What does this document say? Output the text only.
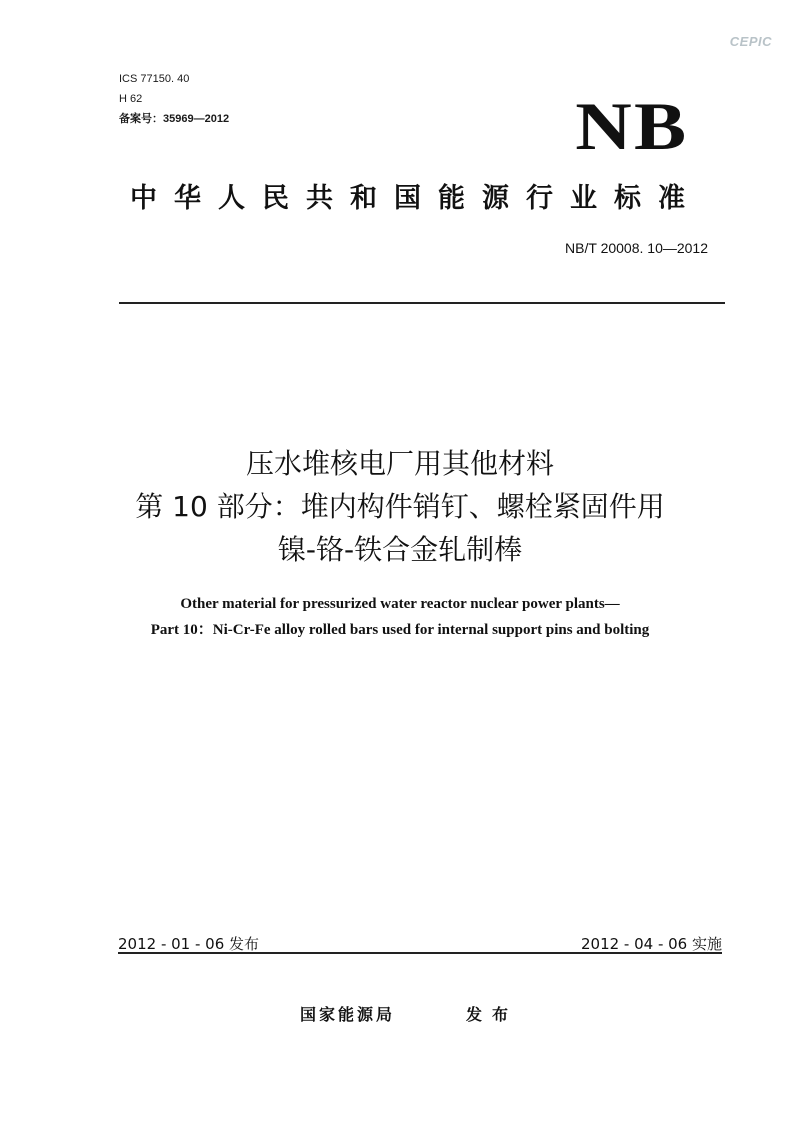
CEPIC
ICS 77150. 40
H 62
备案号：35969—2012	NB
中华人民共和国能源行业标准
NB/T 20008. 10—2012
压水堆核电厂用其他材料
第 10 部分：堆内构件销钉、螺栓紧固件用
镍-铬-铁合金轧制棒
Other material for pressurized water reactor nuclear power plants—
Part 10：Ni-Cr-Fe alloy rolled bars used for internal support pins and bolting
2012 - 01 - 06 发布	2012 - 04 - 06 实施
国家能源局	发布
